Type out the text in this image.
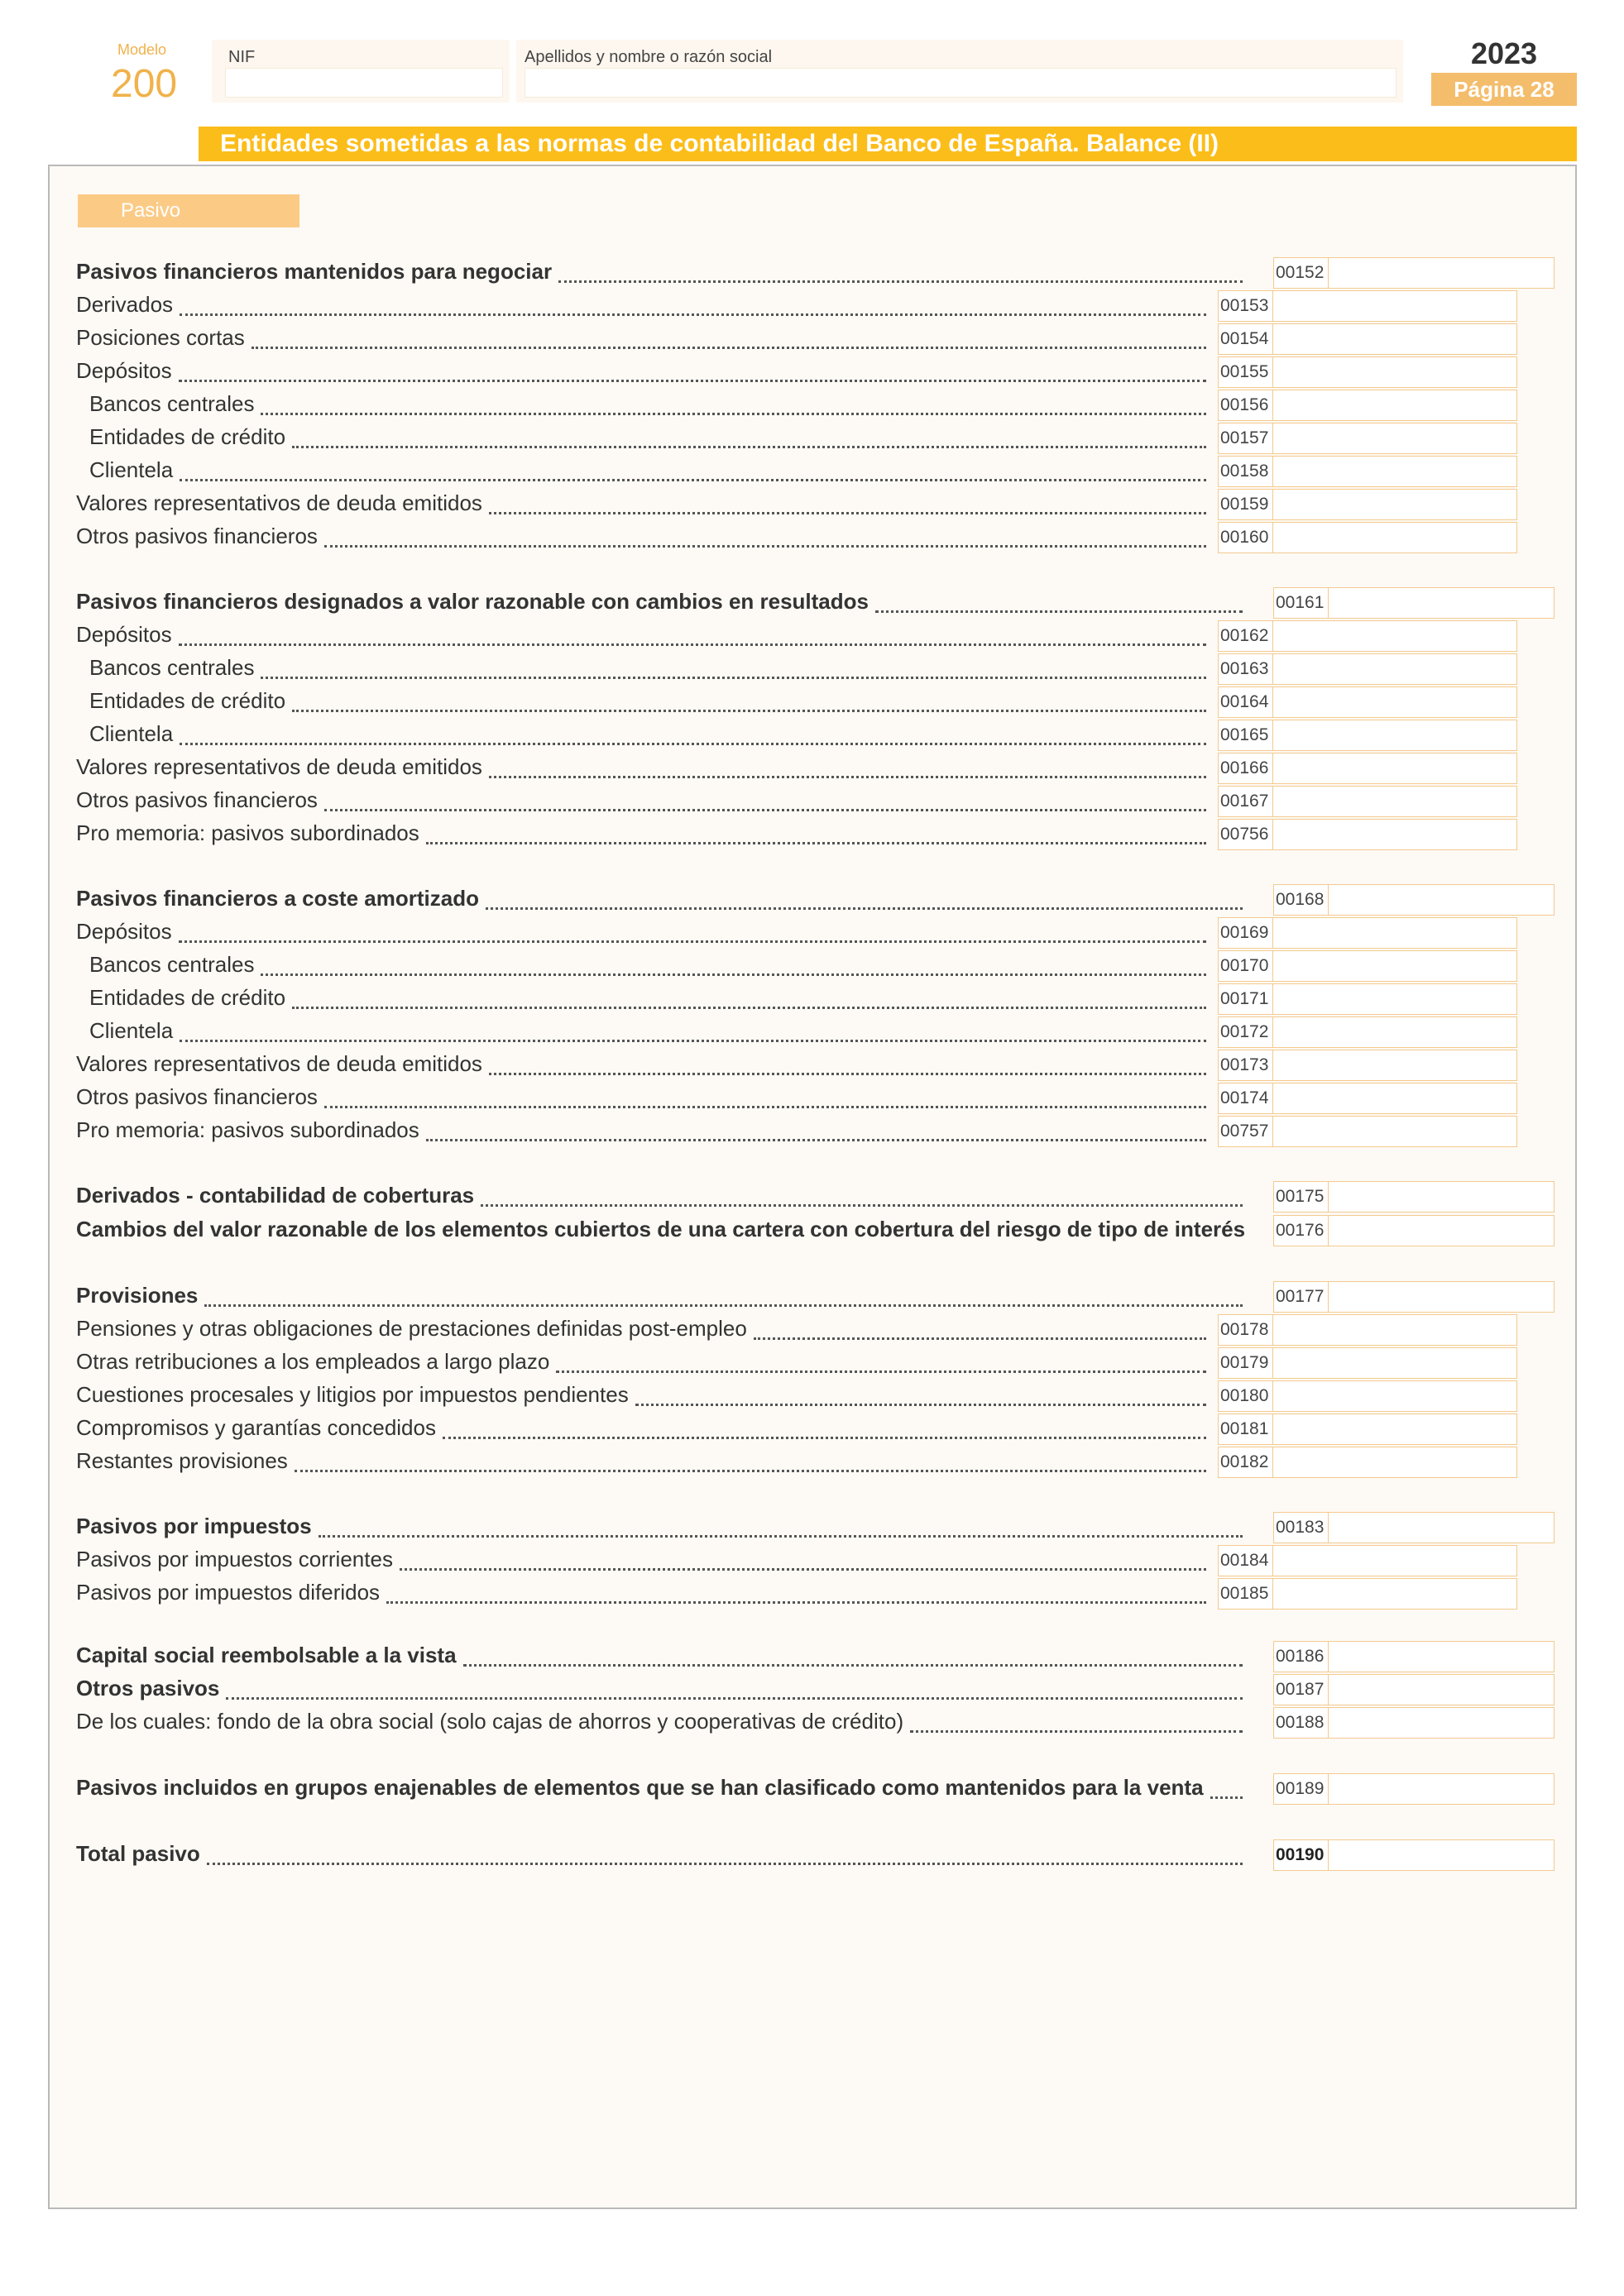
Modelo
200
NIF	Apellidos y nombre o razón social	2023
Página 28
Entidades sometidas a las normas de contabilidad del Banco de España. Balance (II)
Pasivo
Pasivos financieros mantenidos para negociar	00152
Derivados	00153
Posiciones cortas	00154
Depósitos	00155
Bancos centrales	00156
Entidades de crédito	00157
Clientela	00158
Valores representativos de deuda emitidos	00159
Otros pasivos financieros	00160
Pasivos financieros designados a valor razonable con cambios en resultados	00161
Depósitos	00162
Bancos centrales	00163
Entidades de crédito	00164
Clientela	00165
Valores representativos de deuda emitidos	00166
Otros pasivos financieros	00167
Pro memoria: pasivos subordinados	00756
Pasivos financieros a coste amortizado	00168
Depósitos	00169
Bancos centrales	00170
Entidades de crédito	00171
Clientela	00172
Valores representativos de deuda emitidos	00173
Otros pasivos financieros	00174
Pro memoria: pasivos subordinados	00757
Derivados - contabilidad de coberturas	00175
Cambios del valor razonable de los elementos cubiertos de una cartera con cobertura del riesgo de tipo de interés 00176
Provisiones	00177
Pensiones y otras obligaciones de prestaciones definidas post-empleo	00178
Otras retribuciones a los empleados a largo plazo	00179
Cuestiones procesales y litigios por impuestos pendientes	00180
Compromisos y garantías concedidos	00181
Restantes provisiones	00182
Pasivos por impuestos	00183
Pasivos por impuestos corrientes	00184
Pasivos por impuestos diferidos	00185
Capital social reembolsable a la vista	00186
Otros pasivos	00187
De los cuales: fondo de la obra social (solo cajas de ahorros y cooperativas de crédito)	00188
Pasivos incluidos en grupos enajenables de elementos que se han clasificado como mantenidos para la venta	00189
Total pasivo	00190
